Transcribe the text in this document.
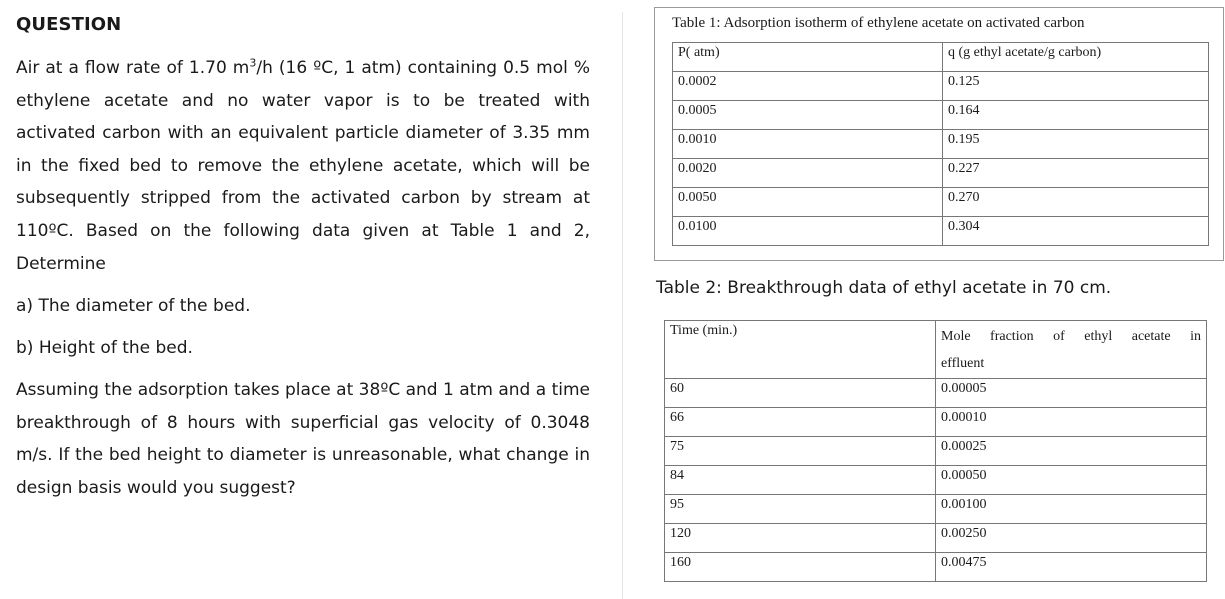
QUESTION

Air at a flow rate of 1.70 $m^3/h$ (16 ºC, 1 atm) containing 0.5 mol % ethylene acetate and no water vapor is to be treated with activated carbon with an equivalent particle diameter of 3.35 mm in the fixed bed to remove the ethylene acetate, which will be subsequently stripped from the activated carbon by stream at 110ºC. Based on the following data given at Table 1 and 2, Determine

a) The diameter of the bed.

b) Height of the bed.

Assuming the adsorption takes place at 38ºC and 1 atm and a time breakthrough of 8 hours with superficial gas velocity of 0.3048 m/s. If the bed height to diameter is unreasonable, what change in design basis would you suggest?

Table 1: Adsorption isotherm of ethylene acetate on activated carbon
P( atm)	q (g ethyl acetate/g carbon)
0.0002	0.125
0.0005	0.164
0.0010	0.195
0.0020	0.227
0.0050	0.270
0.0100	0.304
Table 2: Breakthrough data of ethyl acetate in 70 cm.
Time (min.)	Mole fraction of ethyl acetate in
effluent

60	0.00005
66	0.00010
75	0.00025
84	0.00050
95	0.00100
120	0.00250
160	0.00475
